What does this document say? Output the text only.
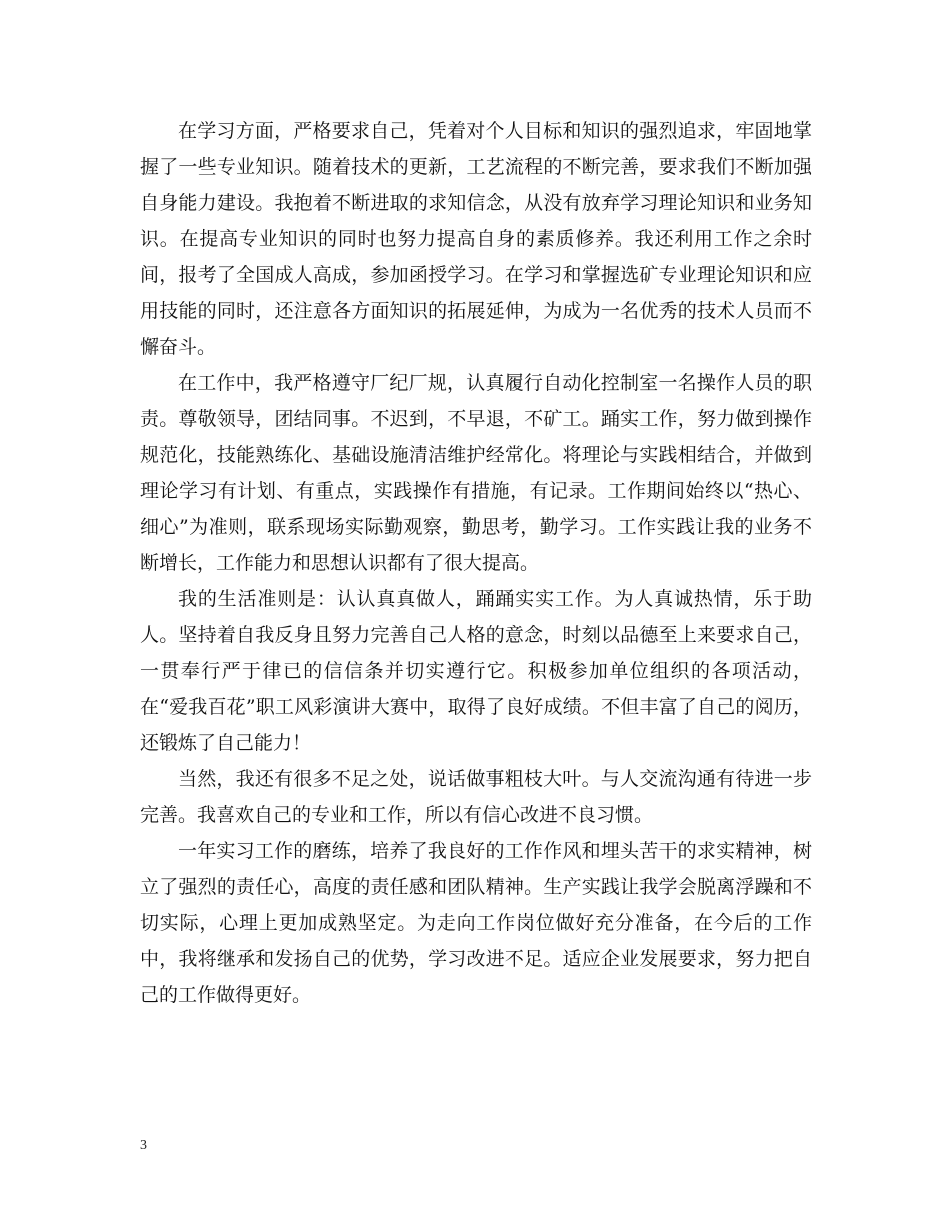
在学习方面，严格要求自己，凭着对个人目标和知识的强烈追求，牢固地掌握了一些专业知识。随着技术的更新，工艺流程的不断完善，要求我们不断加强自身能力建设。我抱着不断进取的求知信念，从没有放弃学习理论知识和业务知识。在提高专业知识的同时也努力提高自身的素质修养。我还利用工作之余时间，报考了全国成人高成，参加函授学习。在学习和掌握选矿专业理论知识和应用技能的同时，还注意各方面知识的拓展延伸，为成为一名优秀的技术人员而不懈奋斗。

在工作中，我严格遵守厂纪厂规，认真履行自动化控制室一名操作人员的职责。尊敬领导，团结同事。不迟到，不早退，不矿工。踊实工作，努力做到操作规范化，技能熟练化、基础设施清洁维护经常化。将理论与实践相结合，并做到理论学习有计划、有重点，实践操作有措施，有记录。工作期间始终以“热心、细心”为准则，联系现场实际勤观察，勤思考，勤学习。工作实践让我的业务不断增长，工作能力和思想认识都有了很大提高。

我的生活准则是：认认真真做人，踊踊实实工作。为人真诚热情，乐于助人。坚持着自我反身且努力完善自己人格的意念，时刻以品德至上来要求自己，一贯奉行严于律已的信信条并切实遵行它。积极参加单位组织的各项活动，在“爱我百花”职工风彩演讲大赛中，取得了良好成绩。不但丰富了自己的阅历，还锻炼了自己能力！

当然，我还有很多不足之处，说话做事粗枝大叶。与人交流沟通有待进一步完善。我喜欢自己的专业和工作，所以有信心改进不良习惯。

一年实习工作的磨练，培养了我良好的工作作风和埋头苦干的求实精神，树立了强烈的责任心，高度的责任感和团队精神。生产实践让我学会脱离浮躁和不切实际，心理上更加成熟坚定。为走向工作岗位做好充分准备，在今后的工作中，我将继承和发扬自己的优势，学习改进不足。适应企业发展要求，努力把自己的工作做得更好。

3
